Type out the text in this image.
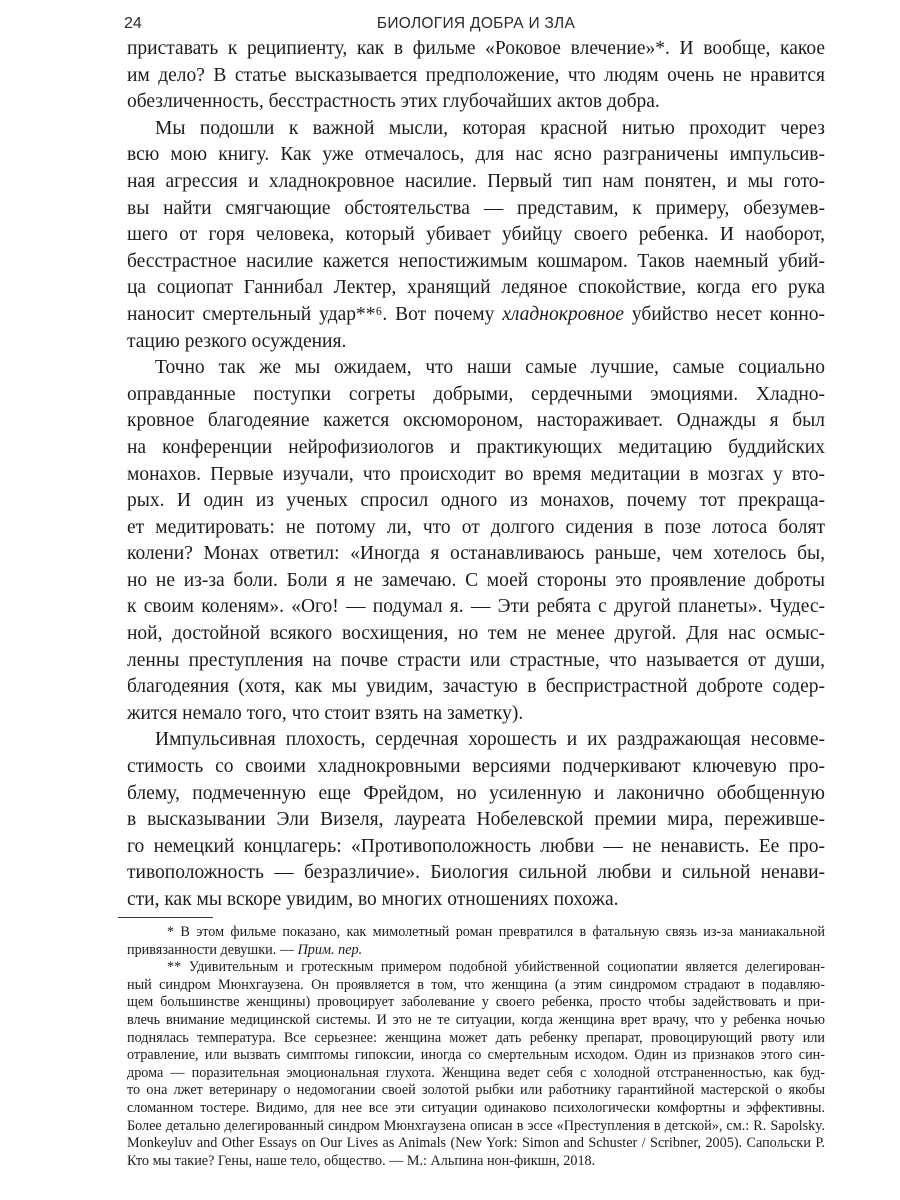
24	БИОЛОГИЯ ДОБРА И ЗЛА
приставать к реципиенту, как в фильме «Роковое влечение»*. И вообще, какое
им дело? В статье высказывается предположение, что людям очень не нравится
обезличенность, бесстрастность этих глубочайших актов добра.
Мы подошли к важной мысли, которая красной нитью проходит через
всю мою книгу. Как уже отмечалось, для нас ясно разграничены импульсив-
ная агрессия и хладнокровное насилие. Первый тип нам понятен, и мы гото-
вы найти смягчающие обстоятельства — представим, к примеру, обезумев-
шего от горя человека, который убивает убийцу своего ребенка. И наоборот,
бесстрастное насилие кажется непостижимым кошмаром. Таков наемный убий-
ца социопат Ганнибал Лектер, хранящий ледяное спокойствие, когда его рука
наносит смертельный удар**⁶. Вот почему хладнокровное убийство несет конно-
тацию резкого осуждения.
Точно так же мы ожидаем, что наши самые лучшие, самые социально
оправданные поступки согреты добрыми, сердечными эмоциями. Хладно-
кровное благодеяние кажется оксюмороном, настораживает. Однажды я был
на конференции нейрофизиологов и практикующих медитацию буддийских
монахов. Первые изучали, что происходит во время медитации в мозгах у вто-
рых. И один из ученых спросил одного из монахов, почему тот прекраща-
ет медитировать: не потому ли, что от долгого сидения в позе лотоса болят
колени? Монах ответил: «Иногда я останавливаюсь раньше, чем хотелось бы,
но не из-за боли. Боли я не замечаю. С моей стороны это проявление доброты
к своим коленям». «Ого! — подумал я. — Эти ребята с другой планеты». Чудес-
ной, достойной всякого восхищения, но тем не менее другой. Для нас осмыс-
ленны преступления на почве страсти или страстные, что называется от души,
благодеяния (хотя, как мы увидим, зачастую в беспристрастной доброте содер-
жится немало того, что стоит взять на заметку).
Импульсивная плохость, сердечная хорошесть и их раздражающая несовме-
стимость со своими хладнокровными версиями подчеркивают ключевую про-
блему, подмеченную еще Фрейдом, но усиленную и лаконично обобщенную
в высказывании Эли Визеля, лауреата Нобелевской премии мира, пережившe-
го немецкий концлагерь: «Противоположность любви — не ненависть. Ее про-
тивоположность — безразличие». Биология сильной любви и сильной ненави-
сти, как мы вскоре увидим, во многих отношениях похожа.
* В этом фильме показано, как мимолетный роман превратился в фатальную связь из-за маниакальной
привязанности девушки. — Прим. пер.
** Удивительным и гротескным примером подобной убийственной социопатии является делегирован-
ный синдром Мюнхгаузена. Он проявляется в том, что женщина (а этим синдромом страдают в подавляю-
щем большинстве женщины) провоцирует заболевание у своего ребенка, просто чтобы задействовать и при-
влечь внимание медицинской системы. И это не те ситуации, когда женщина врет врачу, что у ребенка ночью
поднялась температура. Все серьезнее: женщина может дать ребенку препарат, провоцирующий рвоту или
отравление, или вызвать симптомы гипоксии, иногда со смертельным исходом. Один из признаков этого син-
дрома — поразительная эмоциональная глухота. Женщина ведет себя с холодной отстраненностью, как буд-
то она лжет ветеринару о недомогании своей золотой рыбки или работнику гарантийной мастерской о якобы
сломанном тостере. Видимо, для нее все эти ситуации одинаково психологически комфортны и эффективны.
Более детально делегированный синдром Мюнхгаузена описан в эссе «Преступления в детской», см.: R. Sapolsky.
Monkeyluv and Other Essays on Our Lives as Animals (New York: Simon and Schuster / Scribner, 2005). Сапольски Р.
Кто мы такие? Гены, наше тело, общество. — М.: Альпина нон-фикшн, 2018.
